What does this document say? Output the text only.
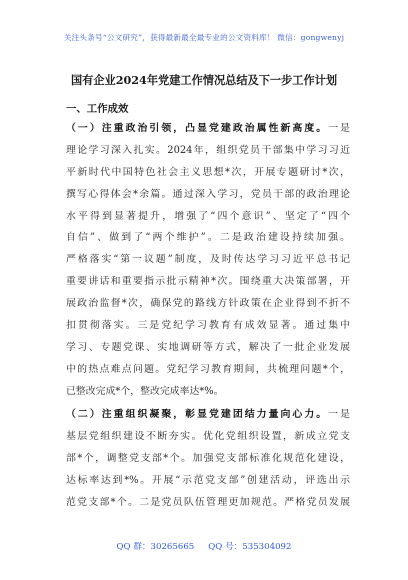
关注头条号“公文研究”，获得最新最全最专业的公文资料库！ 微信：gongwenyj
国有企业2024年党建工作情况总结及下一步工作计划
一、工作成效
（一）注重政治引领，凸显党建政治属性新高度。一是
理论学习深入扎实。2024年，组织党员干部集中学习习近
平新时代中国特色社会主义思想*次，开展专题研讨*次，
撰写心得体会*余篇。通过深入学习，党员干部的政治理论
水平得到显著提升，增强了“四个意识”、坚定了“四个
自信”、做到了“两个维护”。二是政治建设持续加强。
严格落实“第一议题”制度，及时传达学习习近平总书记
重要讲话和重要指示批示精神*次。围绕重大决策部署，开
展政治监督*次，确保党的路线方针政策在企业得到不折不
扣贯彻落实。三是党纪学习教育有成效显著。通过集中
学习、专题党课、实地调研等方式，解决了一批企业发展
中的热点难点问题。党纪学习教育期间，共梳理问题*个，
已整改完成*个，整改完成率达*%。
（二）注重组织凝聚，彰显党建团结力量向心力。一是
基层党组织建设不断夯实。优化党组织设置，新成立党支
部*个，调整党支部*个。加强党支部标准化规范化建设，
达标率达到*%。开展“示范党支部”创建活动，评选出示
范党支部*个。二是党员队伍管理更加规范。严格党员发展
QQ 群：30265665 QQ 号：535304092
